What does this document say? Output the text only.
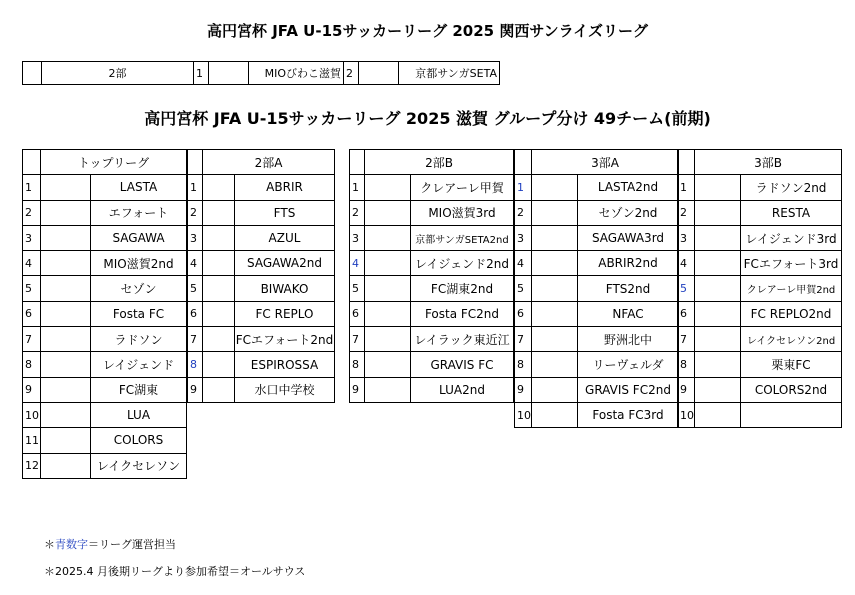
高円宮杯 JFA U-15サッカーリーグ 2025 関西サンライズリーグ
	2部	1		MIOびわこ滋賀	2		京都サンガSETA
高円宮杯 JFA U-15サッカーリーグ 2025 滋賀 グループ分け 49チーム(前期)
	トップリーグ	
1		LASTA
2		エフォート
3		SAGAWA
4		MIO滋賀2nd
5		セゾン
6		Fosta FC
7		ラドソン
8		レイジェンド
9		FC湖東
10		LUA
11		COLORS
12		レイクセレソン
	2部A	
1		ABRIR
2		FTS
3		AZUL
4		SAGAWA2nd
5		BIWAKO
6		FC REPLO
7		FCエフォート2nd
8		ESPIROSSA
9		水口中学校
	2部B	
1		クレアーレ甲賀
2		MIO滋賀3rd
3		京都サンガSETA2nd
4		レイジェンド2nd
5		FC湖東2nd
6		Fosta FC2nd
7		レイラック東近江
8		GRAVIS FC
9		LUA2nd
	3部A	
1		LASTA2nd
2		セゾン2nd
3		SAGAWA3rd
4		ABRIR2nd
5		FTS2nd
6		NFAC
7		野洲北中
8		リーヴェルダ
9		GRAVIS FC2nd
10		Fosta FC3rd
	3部B	
1		ラドソン2nd
2		RESTA
3		レイジェンド3rd
4		FCエフォート3rd
5		クレアーレ甲賀2nd
6		FC REPLO2nd
7		レイクセレソン2nd
8		栗東FC
9		COLORS2nd
10		
＊青数字＝リーグ運営担当
＊2025.4 月後期リーグより参加希望＝オールサウス
